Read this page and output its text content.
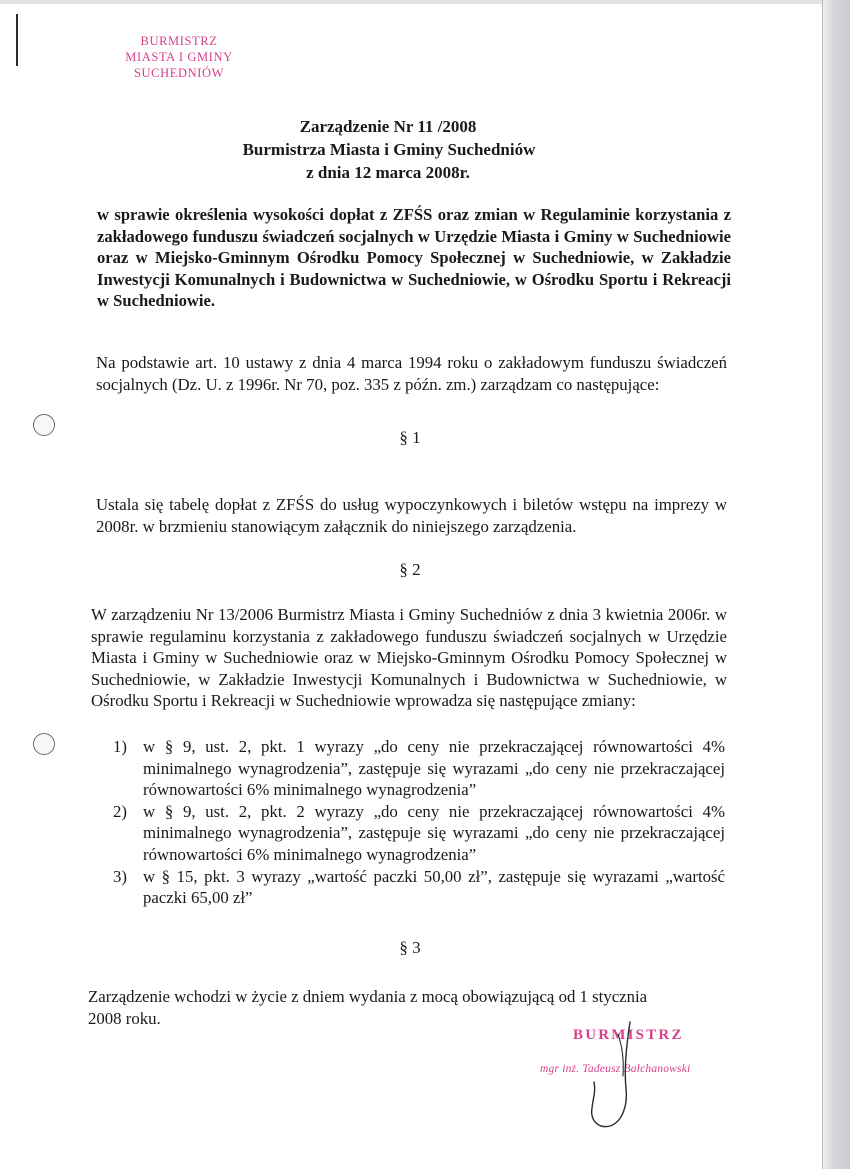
BURMISTRZ
MIASTA I GMINY
SUCHEDNIÓW
Zarządzenie Nr 11 /2008
Burmistrza Miasta i Gminy Suchedniów
z dnia 12 marca 2008r.
w sprawie określenia wysokości dopłat z ZFŚS oraz zmian w Regulaminie korzystania z zakładowego funduszu świadczeń socjalnych w Urzędzie Miasta i Gminy w Suchedniowie oraz w Miejsko-Gminnym Ośrodku Pomocy Społecznej w Suchedniowie, w Zakładzie Inwestycji Komunalnych i Budownictwa w Suchedniowie, w Ośrodku Sportu i Rekreacji w Suchedniowie.
Na podstawie art. 10 ustawy z dnia 4 marca 1994 roku o zakładowym funduszu świadczeń socjalnych (Dz. U. z 1996r. Nr 70, poz. 335 z późn. zm.) zarządzam co następujące:
§ 1
Ustala się tabelę dopłat z ZFŚS do usług wypoczynkowych i biletów wstępu na imprezy w 2008r. w brzmieniu stanowiącym załącznik do niniejszego zarządzenia.
§ 2
W zarządzeniu Nr 13/2006 Burmistrz Miasta i Gminy Suchedniów z dnia 3 kwietnia 2006r. w sprawie regulaminu korzystania z zakładowego funduszu świadczeń socjalnych w Urzędzie Miasta i Gminy w Suchedniowie oraz w Miejsko-Gminnym Ośrodku Pomocy Społecznej w Suchedniowie, w Zakładzie Inwestycji Komunalnych i Budownictwa w Suchedniowie, w Ośrodku Sportu i Rekreacji w Suchedniowie wprowadza się następujące zmiany:
1) w § 9, ust. 2, pkt. 1 wyrazy „do ceny nie przekraczającej równowartości 4% minimalnego wynagrodzenia”, zastępuje się wyrazami „do ceny nie przekraczającej równowartości 6% minimalnego wynagrodzenia”
2) w § 9, ust. 2, pkt. 2 wyrazy „do ceny nie przekraczającej równowartości 4% minimalnego wynagrodzenia”, zastępuje się wyrazami „do ceny nie przekraczającej równowartości 6% minimalnego wynagrodzenia”
3) w § 15, pkt. 3 wyrazy „wartość paczki 50,00 zł”, zastępuje się wyrazami „wartość paczki 65,00 zł”
§ 3
Zarządzenie wchodzi w życie z dniem wydania z mocą obowiązującą od 1 stycznia 2008 roku.
BURMISTRZ
mgr inż. Tadeusz Bałchanowski
